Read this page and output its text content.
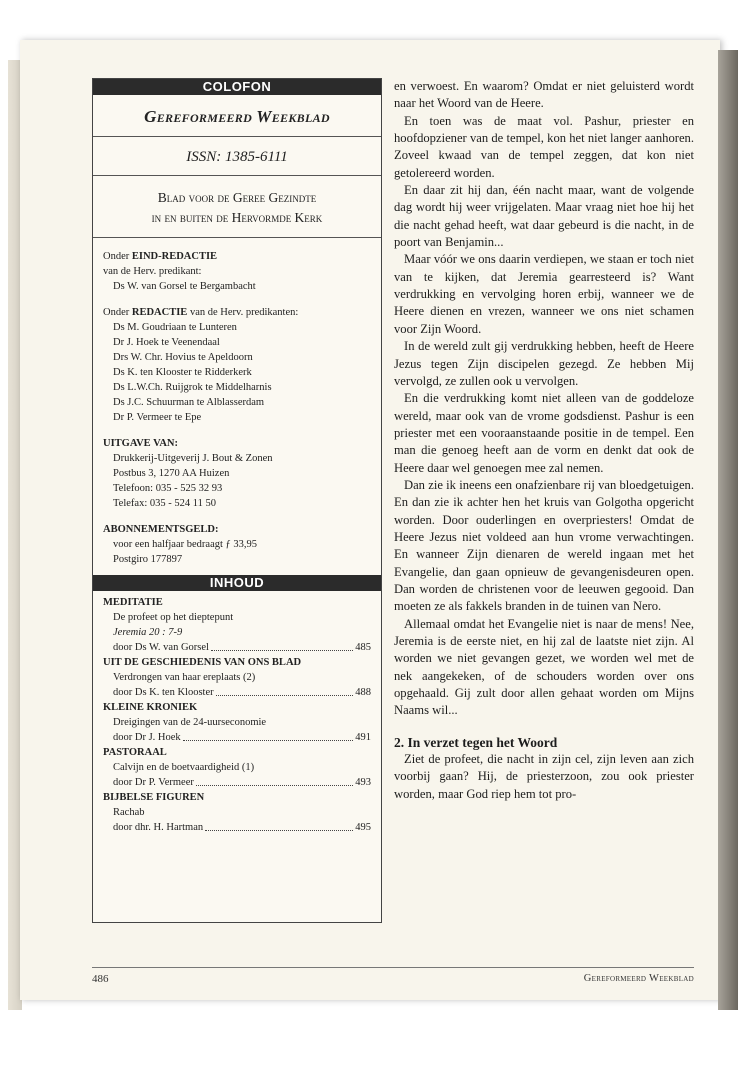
COLOFON
Gereformeerd Weekblad
ISSN: 1385-6111
Blad voor de Geree Gezindte
in en buiten de Hervormde Kerk

Onder EIND-REDACTIE

van de Herv. predikant:

Ds W. van Gorsel te Bergambacht

Onder REDACTIE van de Herv. predikanten:

Ds M. Goudriaan te Lunteren

Dr J. Hoek te Veenendaal

Drs W. Chr. Hovius te Apeldoorn

Ds K. ten Klooster te Ridderkerk

Ds L.W.Ch. Ruijgrok te Middelharnis

Ds J.C. Schuurman te Alblasserdam

Dr P. Vermeer te Epe

UITGAVE VAN:

Drukkerij-Uitgeverij J. Bout & Zonen

Postbus 3, 1270 AA Huizen

Telefoon: 035 - 525 32 93

Telefax: 035 - 524 11 50

ABONNEMENTSGELD:

voor een halfjaar bedraagt ƒ 33,95

Postgiro 177897

INHOUD
MEDITATIE
De profeet op het dieptepunt
Jeremia 20 : 7-9
door Ds W. van Gorsel	485
UIT DE GESCHIEDENIS VAN ONS BLAD
Verdrongen van haar ereplaats (2)
door Ds K. ten Klooster	488
KLEINE KRONIEK
Dreigingen van de 24-uurseconomie
door Dr J. Hoek	491
PASTORAAL
Calvijn en de boetvaardigheid (1)
door Dr P. Vermeer	493
BIJBELSE FIGUREN
Rachab
door dhr. H. Hartman	495

en verwoest. En waarom? Omdat er niet geluisterd wordt naar het Woord van de Heere.

En toen was de maat vol. Pashur, priester en hoofdopziener van de tempel, kon het niet langer aanhoren. Zoveel kwaad van de tempel zeggen, dat kon niet getolereerd worden.

En daar zit hij dan, één nacht maar, want de volgende dag wordt hij weer vrijgelaten. Maar vraag niet hoe hij het die nacht gehad heeft, wat daar gebeurd is die nacht, in de poort van Benjamin...

Maar vóór we ons daarin verdiepen, we staan er toch niet van te kijken, dat Jeremia gearresteerd is? Want verdrukking en vervolging horen erbij, wanneer we de Heere dienen en vrezen, wanneer we ons niet schamen voor Zijn Woord.

In de wereld zult gij verdrukking hebben, heeft de Heere Jezus tegen Zijn discipelen gezegd. Ze hebben Mij vervolgd, ze zullen ook u vervolgen.

En die verdrukking komt niet alleen van de goddeloze wereld, maar ook van de vrome godsdienst. Pashur is een priester met een vooraanstaande positie in de tempel. Een man die genoeg heeft aan de vorm en denkt dat ook de Heere daar wel genoegen mee zal nemen.

Dan zie ik ineens een onafzienbare rij van bloedgetuigen. En dan zie ik achter hen het kruis van Golgotha opgericht worden. Door ouderlingen en overpriesters! Omdat de Heere Jezus niet voldeed aan hun vrome verwachtingen. En wanneer Zijn dienaren de wereld ingaan met het Evangelie, dan gaan opnieuw de gevangenisdeuren open. Dan worden de christenen voor de leeuwen gegooid. Dan moeten ze als fakkels branden in de tuinen van Nero.

Allemaal omdat het Evangelie niet is naar de mens! Nee, Jeremia is de eerste niet, en hij zal de laatste niet zijn. Al worden we niet gevangen gezet, we worden wel met de nek aangekeken, of de schouders worden over ons opgehaald. Gij zult door allen gehaat worden om Mijns Naams wil...

2. In verzet tegen het Woord

Ziet de profeet, die nacht in zijn cel, zijn leven aan zich voorbij gaan? Hij, de priesterzoon, zou ook priester worden, maar God riep hem tot pro-

486	Gereformeerd Weekblad
